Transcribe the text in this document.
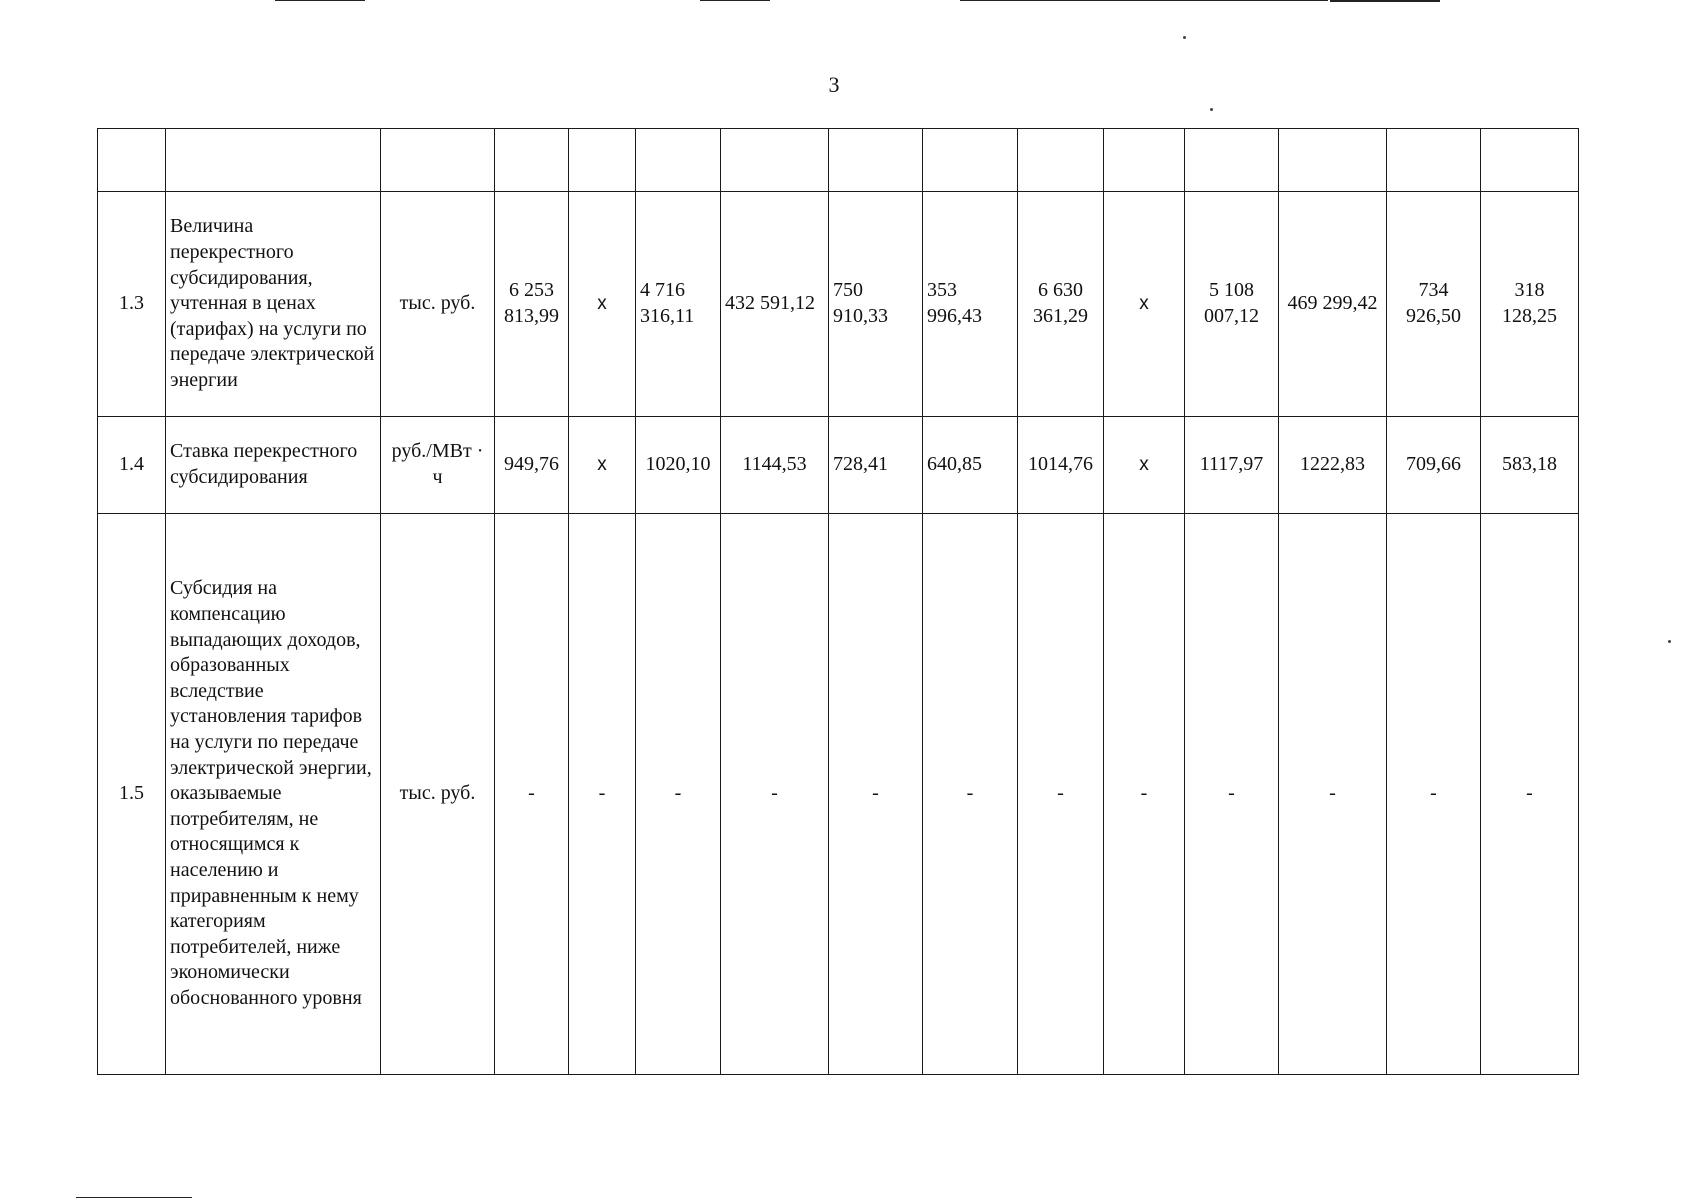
3

1.3	Величина перекрестного субсидирования, учтенная в ценах (тарифах) на услуги по передаче электрической энергии	тыс. руб.	6 253 813,99	x	4 716 316,11	432 591,12	750 910,33	353 996,43	6 630 361,29	x	5 108 007,12	469 299,42	734 926,50	318 128,25
1.4	Ставка перекрестного субсидирования	руб./МВт · ч	949,76	x	1020,10	1144,53	728,41	640,85	1014,76	x	1117,97	1222,83	709,66	583,18
1.5	Субсидия на компенсацию выпадающих доходов, образованных вследствие установления тарифов на услуги по передаче электрической энергии, оказываемые потребителям, не относящимся к населению и приравненным к нему категориям потребителей, ниже экономически обоснованного уровня	тыс. руб.	-	-	-	-	-	-	-	-	-	-	-	-
